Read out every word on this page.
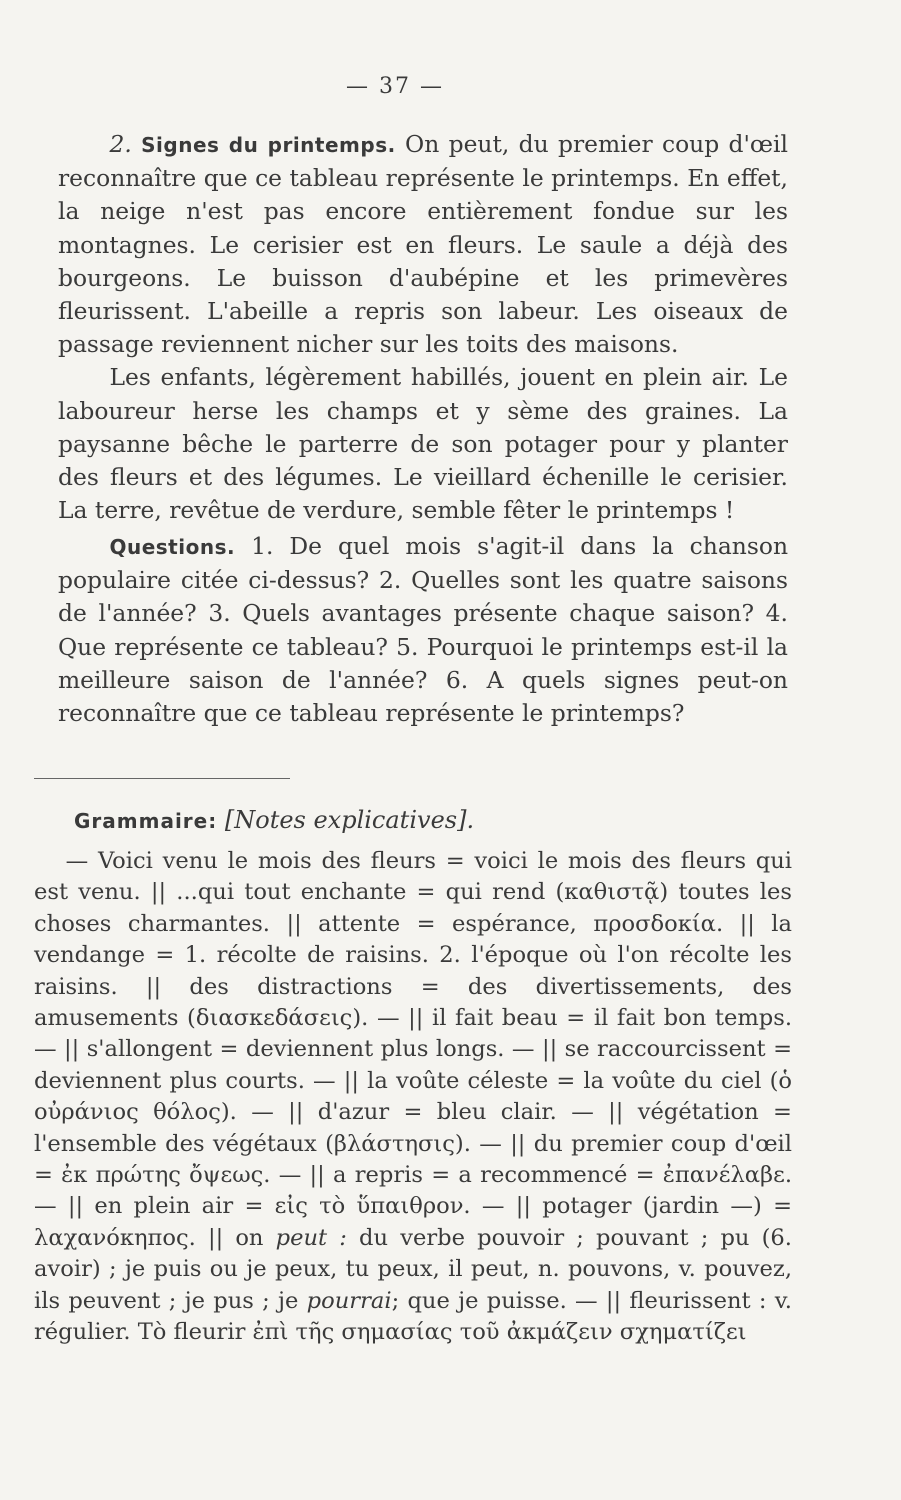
— 37 —

2. Signes du printemps. On peut, du premier coup d'œil reconnaître que ce tableau représente le printemps. En effet, la neige n'est pas encore entièrement fondue sur les montagnes. Le cerisier est en fleurs. Le saule a déjà des bourgeons. Le buisson d'aubépine et les primevères fleurissent. L'abeille a repris son labeur. Les oiseaux de passage reviennent nicher sur les toits des maisons.

Les enfants, légèrement habillés, jouent en plein air. Le laboureur herse les champs et y sème des graines. La paysanne bêche le parterre de son potager pour y planter des fleurs et des légumes. Le vieillard échenille le cerisier. La terre, revêtue de verdure, semble fêter le printemps !

Questions. 1. De quel mois s'agit-il dans la chanson populaire citée ci-dessus? 2. Quelles sont les quatre saisons de l'année? 3. Quels avantages présente chaque saison? 4. Que représente ce tableau? 5. Pourquoi le printemps est-il la meilleure saison de l'année? 6. A quels signes peut-on reconnaître que ce tableau représente le printemps?

Grammaire: [Notes explicatives].

— Voici venu le mois des fleurs = voici le mois des fleurs qui est venu. || ...qui tout enchante = qui rend (καθιστᾷ) toutes les choses charmantes. || attente = espérance, προσδοκία. || la vendange = 1. récolte de raisins. 2. l'époque où l'on récolte les raisins. || des distractions = des divertissements, des amusements (διασκεδάσεις). — || il fait beau = il fait bon temps. — || s'allongent = deviennent plus longs. — || se raccourcissent = deviennent plus courts. — || la voûte céleste = la voûte du ciel (ὁ οὐράνιος θόλος). — || d'azur = bleu clair. — || végétation = l'ensemble des végétaux (βλάστησις). — || du premier coup d'œil = ἐκ πρώτης ὄψεως. — || a repris = a recommencé = ἐπανέλαβε. — || en plein air = εἰς τὸ ὕπαιθρον. — || potager (jardin —) = λαχανόκηπος. || on peut : du verbe pouvoir ; pouvant ; pu (6. avoir) ; je puis ou je peux, tu peux, il peut, n. pouvons, v. pouvez, ils peuvent ; je pus ; je pourrai; que je puisse. — || fleurissent : v. régulier. Τὸ fleurir ἐπὶ τῆς σημασίας τοῦ ἀκμάζειν σχηματίζει
